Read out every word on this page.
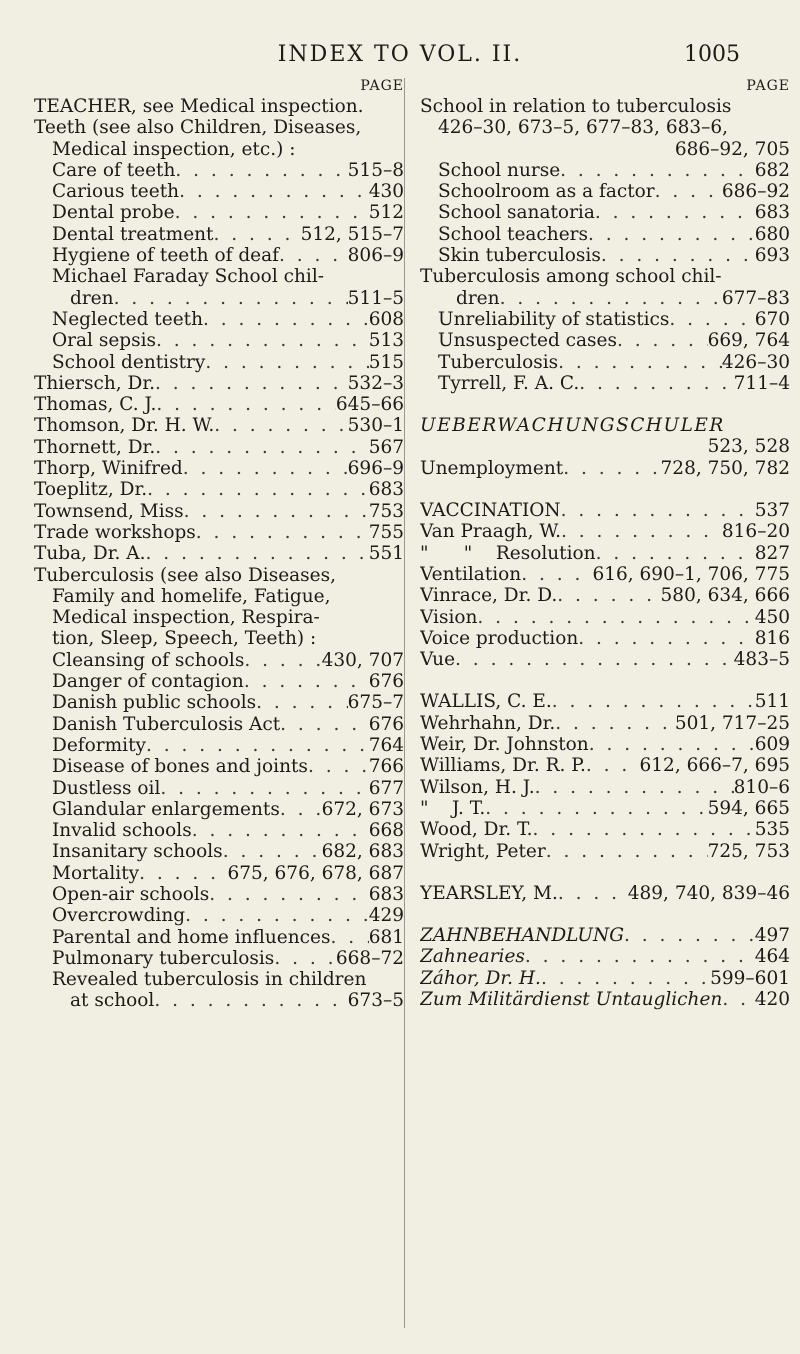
INDEX TO VOL. II.	1005
PAGE
TEACHER, see Medical inspection.
Teeth (see also Children, Diseases,
Medical inspection, etc.) :
Care of teeth . . .	515–8
Carious teeth . . .	430
Dental probe . . .	512
Dental treatment . . .	512, 515–7
Hygiene of teeth of deaf . . .	806–9
Michael Faraday School chil-
dren . . .	511–5
Neglected teeth . . .	608
Oral sepsis . . .	513
School dentistry . . .	515
Thiersch, Dr. . . .	532–3
Thomas, C. J. . . .	645–66
Thomson, Dr. H. W. . . .	530–1
Thornett, Dr. . . .	567
Thorp, Winifred . . .	696–9
Toeplitz, Dr. . . .	683
Townsend, Miss . . .	753
Trade workshops . . .	755
Tuba, Dr. A. . . .	551
Tuberculosis (see also Diseases,
Family and homelife, Fatigue,
Medical inspection, Respira-
tion, Sleep, Speech, Teeth) :
Cleansing of schools . . .	430, 707
Danger of contagion . . .	676
Danish public schools . . .	675–7
Danish Tuberculosis Act . . .	676
Deformity . . .	764
Disease of bones and joints . . .	766
Dustless oil . . .	677
Glandular enlargements . . . 672, 673
Invalid schools . . .	668
Insanitary schools . . .	682, 683
Mortality . . .	675, 676, 678, 687
Open-air schools . . .	683
Overcrowding . . .	429
Parental and home influences . . . 681
Pulmonary tuberculosis . . .	668–72
Revealed tuberculosis in children
at school . . .	673–5
PAGE
School in relation to tuberculosis
426–30, 673–5, 677–83, 683–6,
686–92, 705
School nurse . . .	682
Schoolroom as a factor . . .	686–92
School sanatoria . . .	683
School teachers . . .	680
Skin tuberculosis . . .	693
Tuberculosis among school chil-
dren . . .	677–83
Unreliability of statistics . . .	670
Unsuspected cases . . .	669, 764
Tuberculosis . . .	426–30
Tyrrell, F. A. C. . . .	711–4
UEBERWACHUNGSCHULER
523, 528
Unemployment . . .	728, 750, 782
VACCINATION . . .	537
Van Praagh, W. . . .	816–20
"      "    Resolution . . .	827
Ventilation . . .	616, 690–1, 706, 775
Vinrace, Dr. D. . . .	580, 634, 666
Vision . . .	450
Voice production . . .	816
Vue . . .	483–5
WALLIS, C. E. . . .	511
Wehrhahn, Dr. . . .	501, 717–25
Weir, Dr. Johnston . . .	609
Williams, Dr. R. P. . . .	612, 666–7, 695
Wilson, H. J. . . .	810–6
"    J. T. . . .	594, 665
Wood, Dr. T. . . .	535
Wright, Peter . . .	725, 753
YEARSLEY, M. . . .	489, 740, 839–46
ZAHNBEHANDLUNG . . .	497
Zahnearies . . .	464
Záhor, Dr. H. . . .	599–601
Zum Militärdienst Untauglichen . . . 420
